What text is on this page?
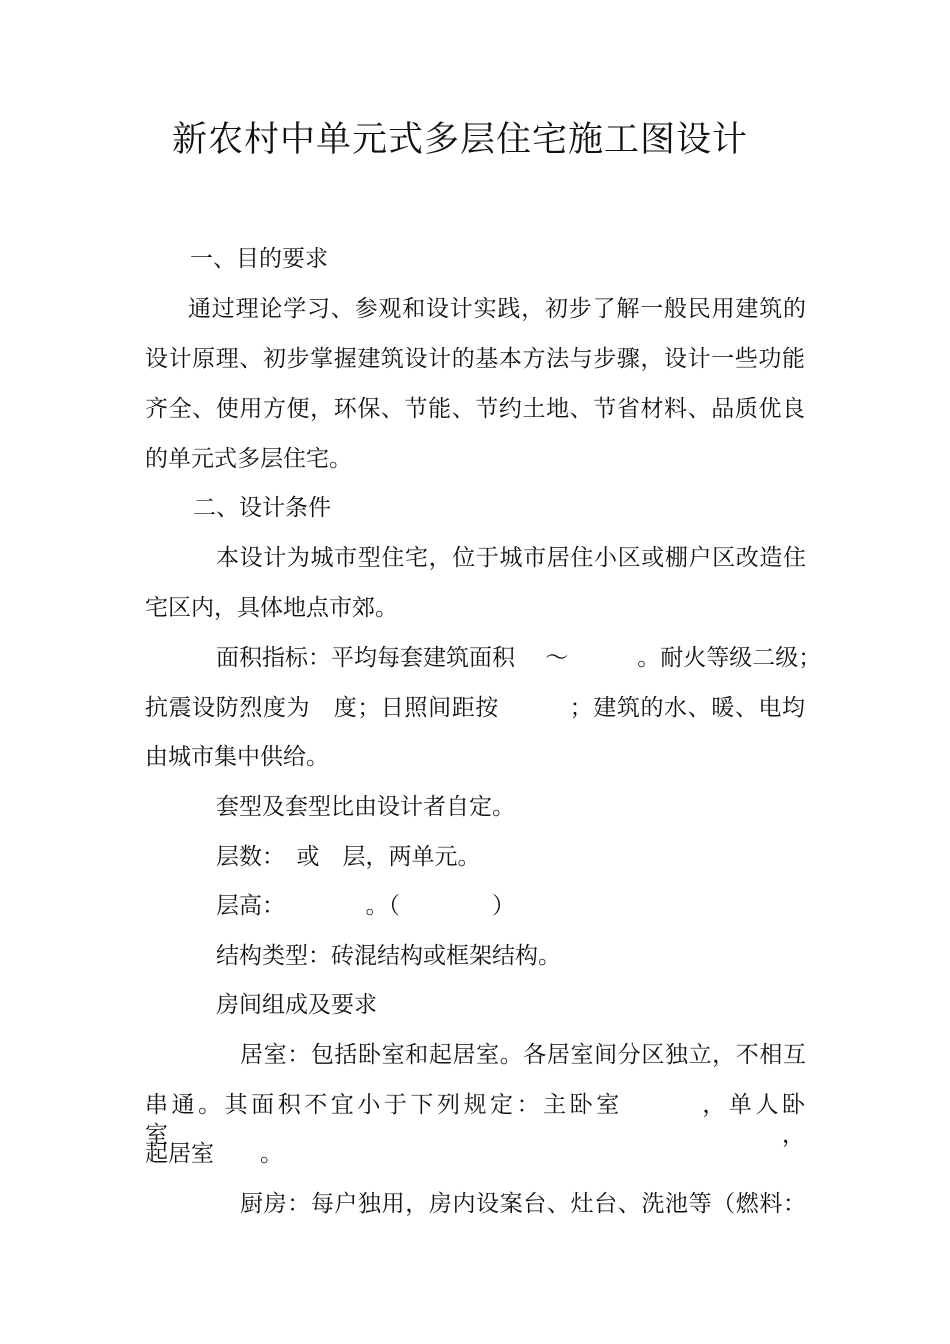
新农村中单元式多层住宅施工图设计
一、目的要求
通过理论学习、参观和设计实践，初步了解一般民用建筑的
设计原理、初步掌握建筑设计的基本方法与步骤，设计一些功能
齐全、使用方便，环保、节能、节约土地、节省材料、品质优良
的单元式多层住宅。
二、设计条件
本设计为城市型住宅，位于城市居住小区或棚户区改造住
宅区内，具体地点市郊。
面积指标：平均每套建筑面积　 ～　　　。耐火等级二级；
抗震设防烈度为　度；日照间距按　　　；建筑的水、暖、电均
由城市集中供给。
套型及套型比由设计者自定。
层数：　或　层，两单元。
层高：　　　　。（　　　　）
结构类型：砖混结构或框架结构。
房间组成及要求
居室：包括卧室和起居室。各居室间分区独立，不相互
串通。其面积不宜小于下列规定：主卧室　　　，单人卧室　　，
起居室　　。
厨房：每户独用，房内设案台、灶台、洗池等（燃料：
